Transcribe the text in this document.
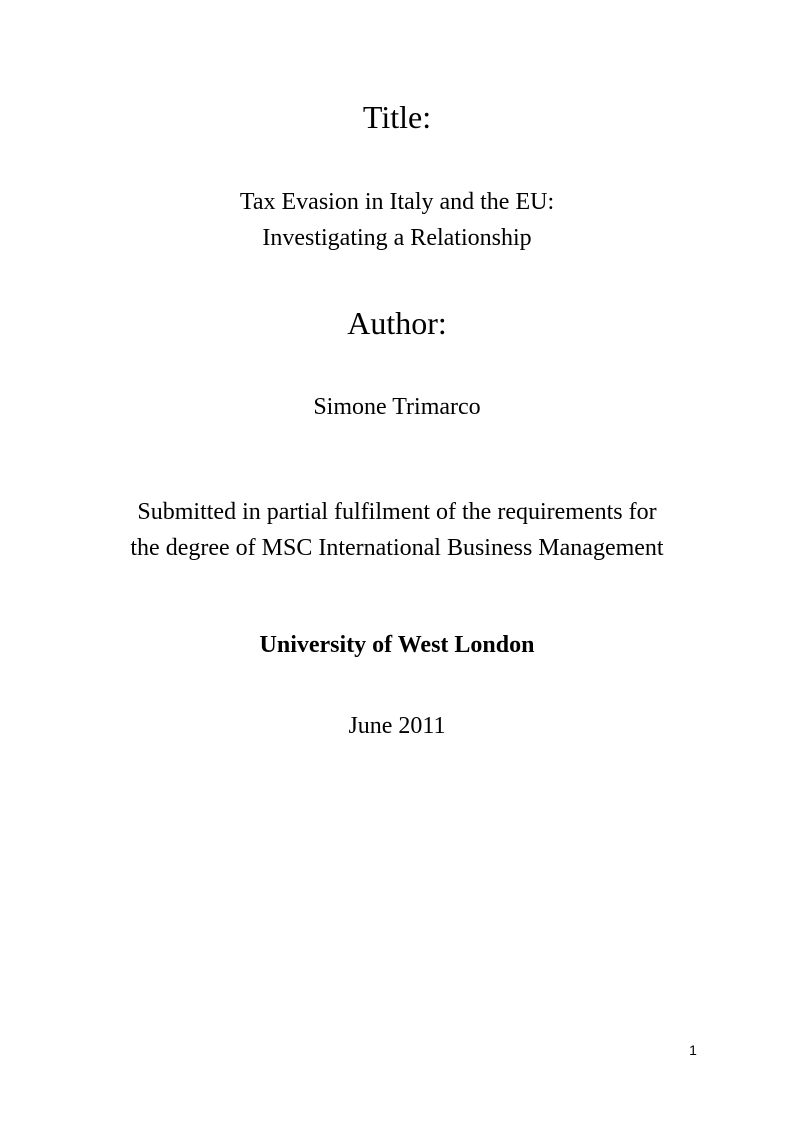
Title:
Tax Evasion in Italy and the EU:
Investigating a Relationship
Author:
Simone Trimarco
Submitted in partial fulfilment of the requirements for
the degree of MSC International Business Management
University of West London
June 2011
1
